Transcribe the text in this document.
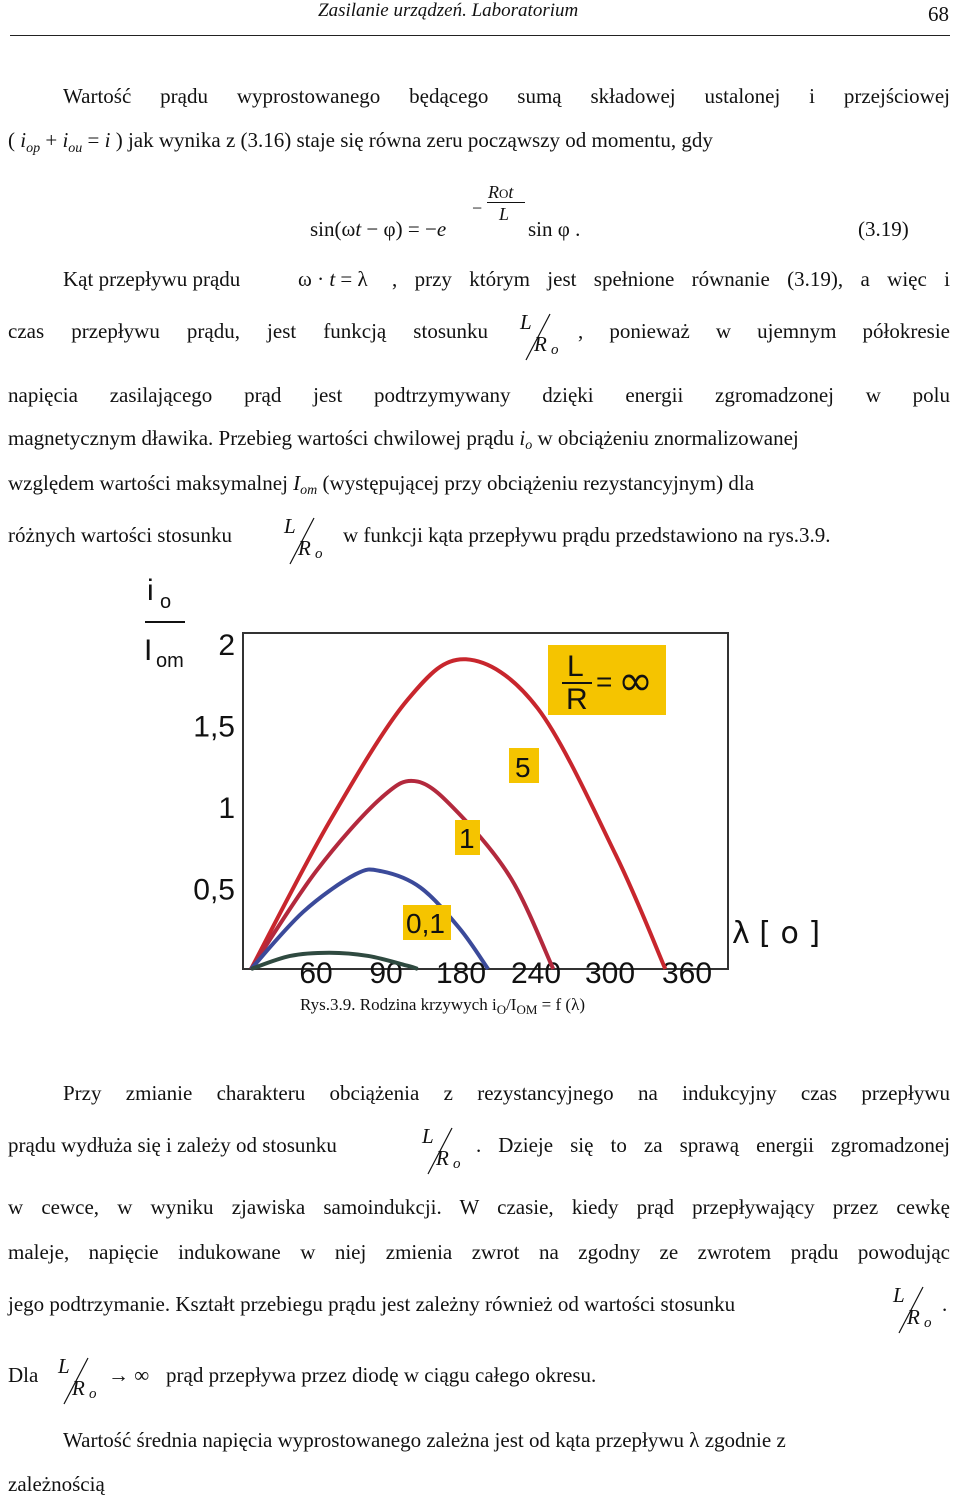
Zasilanie urządzeń. Laboratorium	68
Wartość prądu wyprostowanego będącego sumą składowej ustalonej i przejściowej
( $i_{op} + i_{ou} = i$ ) jak wynika z (3.16) staje się równa zeru począwszy od momentu, gdy
sin(ωt − φ) = −e
−
ROt
L
sin φ .	(3.19)
Kąt przepływu prądu	ω · t = λ , przy którym jest spełnione równanie (3.19), a więc i
czas przepływu prądu, jest funkcją stosunku L
R o
, ponieważ w ujemnym półokresie
napięcia zasilającego prąd jest podtrzymywany dzięki energii zgromadzonej w polu
magnetycznym dławika. Przebieg wartości chwilowej prądu io w obciążeniu znormalizowanej
względem wartości maksymalnej Iom (występującej przy obciążeniu rezystancyjnym) dla
różnych wartości stosunku L
R o
w funkcji kąta przepływu prądu przedstawiono na rys.3.9.
i o
I om 2
1,5
1
0,5
60 90 180 240 300 360
L
R
= ∞
5
1
0,1	λ [ o ]
Rys.3.9. Rodzina krzywych $i_O/I_{OM} = f$ (λ)
Przy zmianie charakteru obciążenia z rezystancyjnego na indukcyjny czas przepływu
prądu wydłuża się i zależy od stosunku	L
R o
. Dzieje się to za sprawą energii zgromadzonej
w cewce, w wyniku zjawiska samoindukcji. W czasie, kiedy prąd przepływający przez cewkę
maleje, napięcie indukowane w niej zmienia zwrot na zgodny ze zwrotem prądu powodując
jego podtrzymanie. Kształt przebiegu prądu jest zależny również od wartości stosunku	L
R o
.
Dla L
R o
→ ∞ prąd przepływa przez diodę w ciągu całego okresu.
Wartość średnia napięcia wyprostowanego zależna jest od kąta przepływu λ zgodnie z
zależnością
